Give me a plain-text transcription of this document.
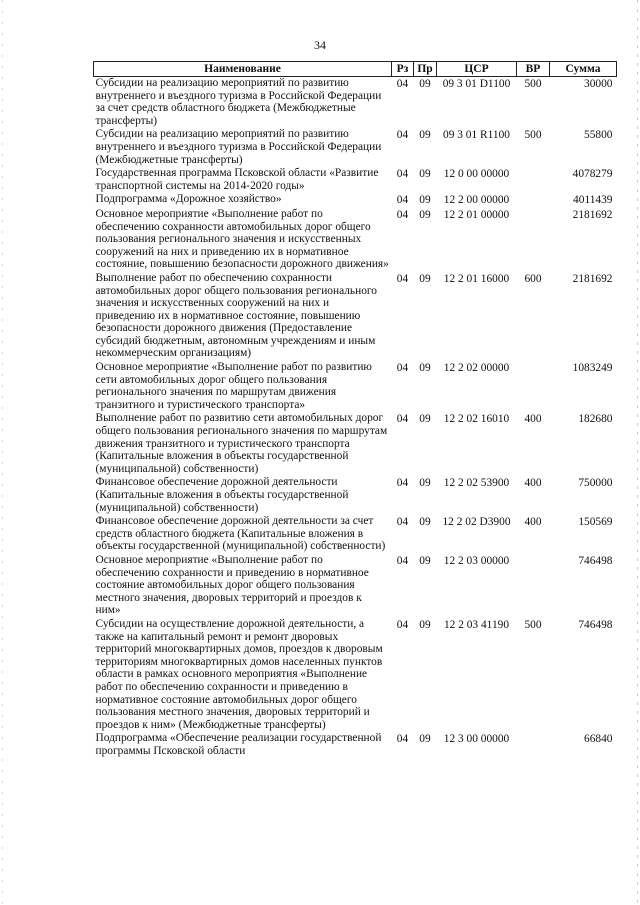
34
Наименование	Рз	Пр	ЦСР	ВР	Сумма
Субсидии на реализацию мероприятий по развитию внутреннего и въездного туризма в Российской Федерации за счет средств областного бюджета (Межбюджетные трансферты)	04	09	09 3 01 D1100	500	30000
Субсидии на реализацию мероприятий по развитию внутреннего и въездного туризма в Российской Федерации (Межбюджетные трансферты)	04	09	09 3 01 R1100	500	55800
Государственная программа Псковской области «Развитие транспортной системы на 2014-2020 годы»	04	09	12 0 00 00000		4078279
Подпрограмма «Дорожное хозяйство»	04	09	12 2 00 00000		4011439
Основное мероприятие «Выполнение работ по обеспечению сохранности автомобильных дорог общего пользования регионального значения и искусственных сооружений на них и приведению их в нормативное состояние, повышению безопасности дорожного движения»	04	09	12 2 01 00000		2181692
Выполнение работ по обеспечению сохранности автомобильных дорог общего пользования регионального значения и искусственных сооружений на них и приведению их в нормативное состояние, повышению безопасности дорожного движения (Предоставление субсидий бюджетным, автономным учреждениям и иным некоммерческим организациям)	04	09	12 2 01 16000	600	2181692
Основное мероприятие «Выполнение работ по развитию сети автомобильных дорог общего пользования регионального значения по маршрутам движения транзитного и туристического транспорта»	04	09	12 2 02 00000		1083249
Выполнение работ по развитию сети автомобильных дорог общего пользования регионального значения по маршрутам движения транзитного и туристического транспорта (Капитальные вложения в объекты государственной (муниципальной) собственности)	04	09	12 2 02 16010	400	182680
Финансовое обеспечение дорожной деятельности (Капитальные вложения в объекты государственной (муниципальной) собственности)	04	09	12 2 02 53900	400	750000
Финансовое обеспечение дорожной деятельности за счет средств областного бюджета (Капитальные вложения в объекты государственной (муниципальной) собственности)	04	09	12 2 02 D3900	400	150569
Основное мероприятие «Выполнение работ по обеспечению сохранности и приведению в нормативное состояние автомобильных дорог общего пользования местного значения, дворовых территорий и проездов к ним»	04	09	12 2 03 00000		746498
Субсидии на осуществление дорожной деятельности, а также на капитальный ремонт и ремонт дворовых территорий многоквартирных домов, проездов к дворовым территориям многоквартирных домов населенных пунктов области в рамках основного мероприятия «Выполнение работ по обеспечению сохранности и приведению в нормативное состояние автомобильных дорог общего пользования местного значения, дворовых территорий и проездов к ним» (Межбюджетные трансферты)	04	09	12 2 03 41190	500	746498
Подпрограмма «Обеспечение реализации государственной программы Псковской области	04	09	12 3 00 00000		66840
